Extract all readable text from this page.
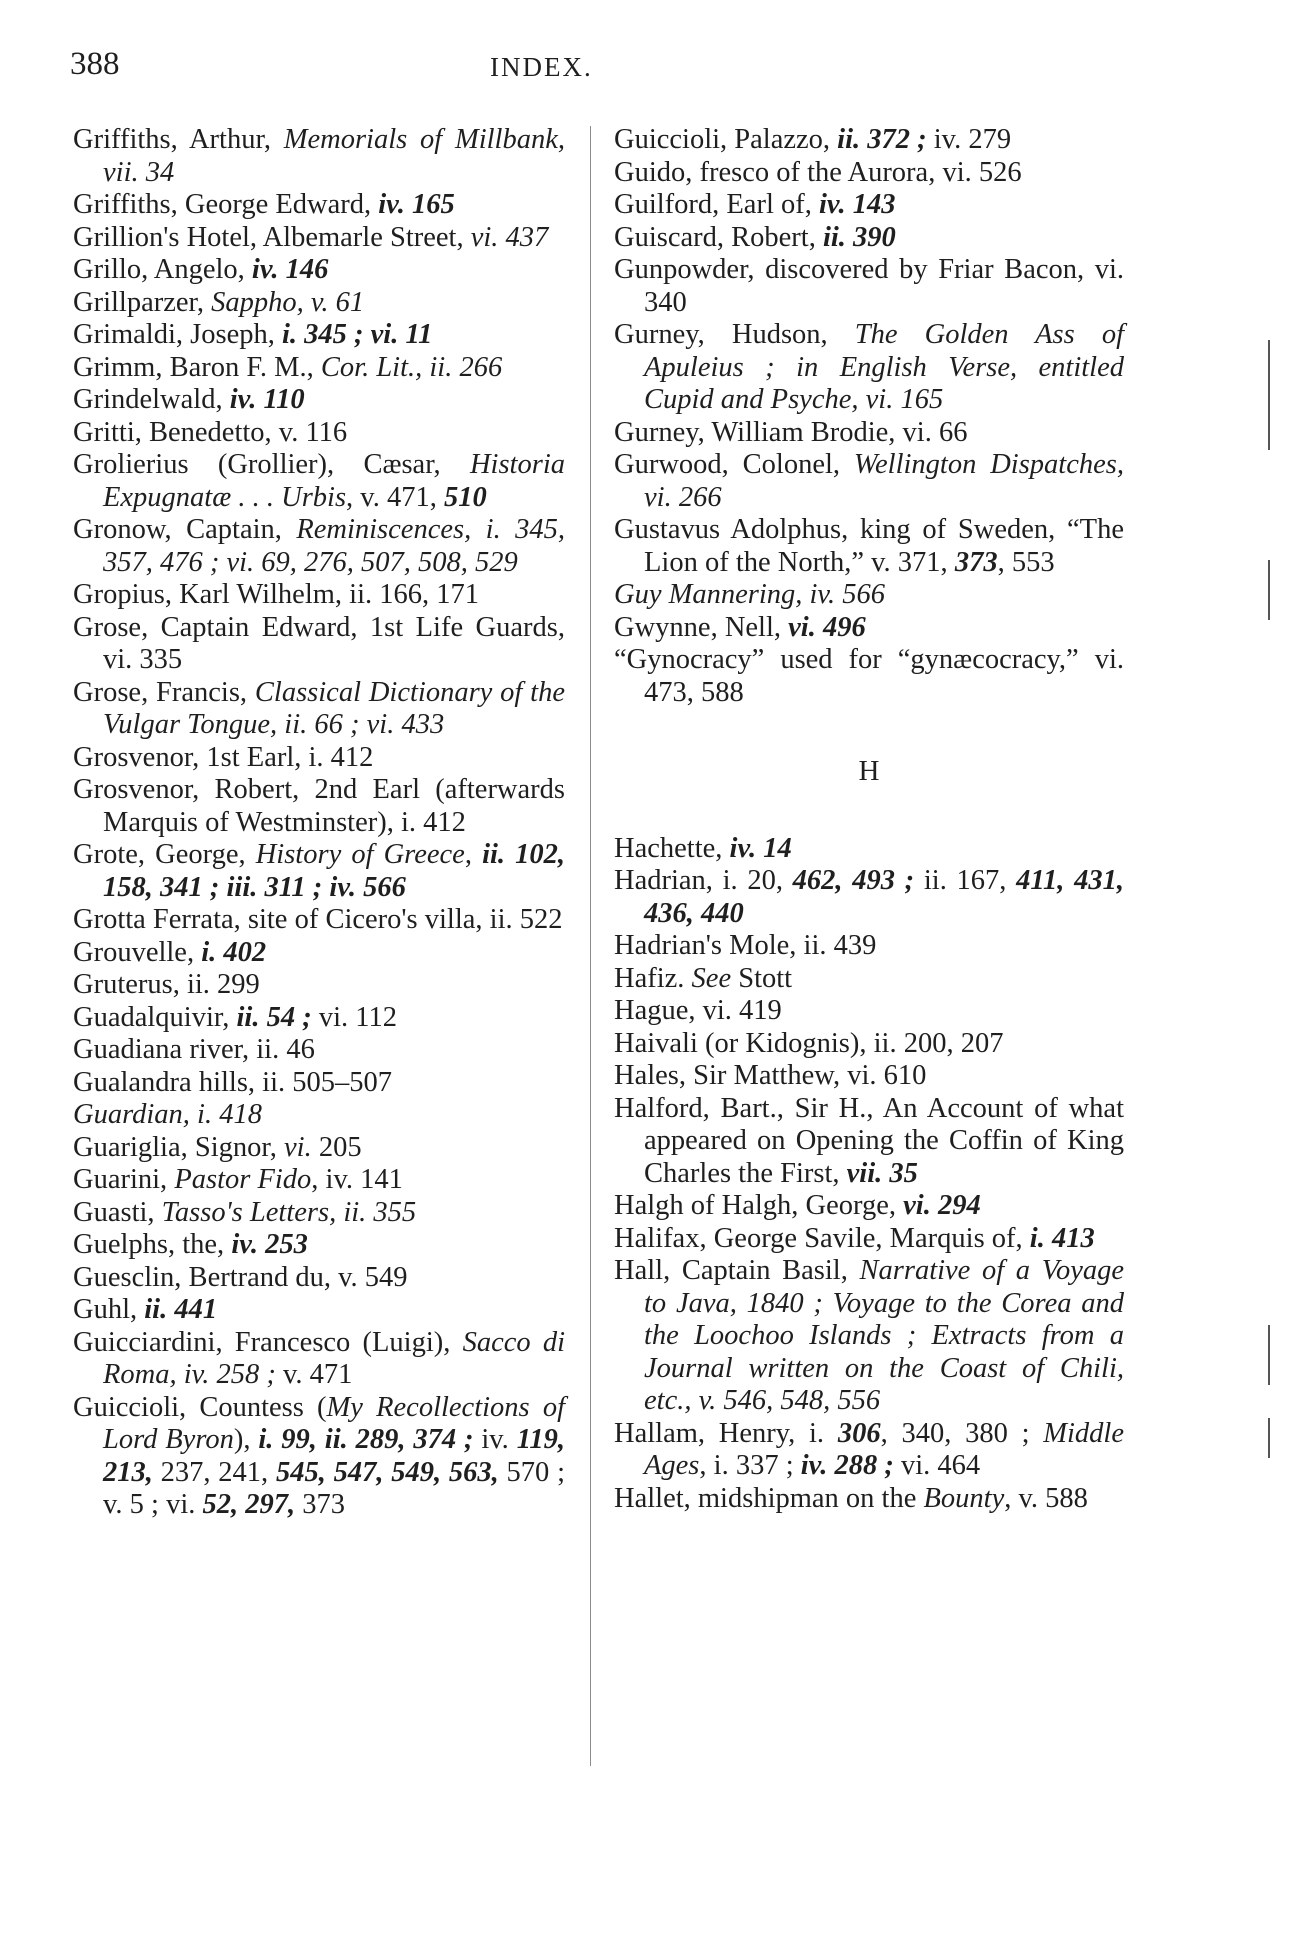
388	INDEX.

Griffiths, Arthur, Memorials of Millbank, vii. 34

Griffiths, George Edward, iv. 165

Grillion's Hotel, Albemarle Street, vi. 437

Grillo, Angelo, iv. 146

Grillparzer, Sappho, v. 61

Grimaldi, Joseph, i. 345 ; vi. 11

Grimm, Baron F. M., Cor. Lit., ii. 266

Grindelwald, iv. 110

Gritti, Benedetto, v. 116

Grolierius (Grollier), Cæsar, Historia Expugnatæ . . . Urbis, v. 471, 510

Gronow, Captain, Reminiscences, i. 345, 357, 476 ; vi. 69, 276, 507, 508, 529

Gropius, Karl Wilhelm, ii. 166, 171

Grose, Captain Edward, 1st Life Guards, vi. 335

Grose, Francis, Classical Dictionary of the Vulgar Tongue, ii. 66 ; vi. 433

Grosvenor, 1st Earl, i. 412

Grosvenor, Robert, 2nd Earl (afterwards Marquis of Westminster), i. 412

Grote, George, History of Greece, ii. 102, 158, 341 ; iii. 311 ; iv. 566

Grotta Ferrata, site of Cicero's villa, ii. 522

Grouvelle, i. 402

Gruterus, ii. 299

Guadalquivir, ii. 54 ; vi. 112

Guadiana river, ii. 46

Gualandra hills, ii. 505–507

Guardian, i. 418

Guariglia, Signor, vi. 205

Guarini, Pastor Fido, iv. 141

Guasti, Tasso's Letters, ii. 355

Guelphs, the, iv. 253

Guesclin, Bertrand du, v. 549

Guhl, ii. 441

Guicciardini, Francesco (Luigi), Sacco di Roma, iv. 258 ; v. 471

Guiccioli, Countess (My Recollections of Lord Byron), i. 99, ii. 289, 374 ; iv. 119, 213, 237, 241, 545, 547, 549, 563, 570 ; v. 5 ; vi. 52, 297, 373

Guiccioli, Palazzo, ii. 372 ; iv. 279

Guido, fresco of the Aurora, vi. 526

Guilford, Earl of, iv. 143

Guiscard, Robert, ii. 390

Gunpowder, discovered by Friar Bacon, vi. 340

Gurney, Hudson, The Golden Ass of Apuleius ; in English Verse, entitled Cupid and Psyche, vi. 165

Gurney, William Brodie, vi. 66

Gurwood, Colonel, Wellington Dispatches, vi. 266

Gustavus Adolphus, king of Sweden, “The Lion of the North,” v. 371, 373, 553

Guy Mannering, iv. 566

Gwynne, Nell, vi. 496

“Gynocracy” used for “gynæcocracy,” vi. 473, 588

H

Hachette, iv. 14

Hadrian, i. 20, 462, 493 ; ii. 167, 411, 431, 436, 440

Hadrian's Mole, ii. 439

Hafiz. See Stott

Hague, vi. 419

Haivali (or Kidognis), ii. 200, 207

Hales, Sir Matthew, vi. 610

Halford, Bart., Sir H., An Account of what appeared on Opening the Coffin of King Charles the First, vii. 35

Halgh of Halgh, George, vi. 294

Halifax, George Savile, Marquis of, i. 413

Hall, Captain Basil, Narrative of a Voyage to Java, 1840 ; Voyage to the Corea and the Loochoo Islands ; Extracts from a Journal written on the Coast of Chili, etc., v. 546, 548, 556

Hallam, Henry, i. 306, 340, 380 ; Middle Ages, i. 337 ; iv. 288 ; vi. 464

Hallet, midshipman on the Bounty, v. 588
